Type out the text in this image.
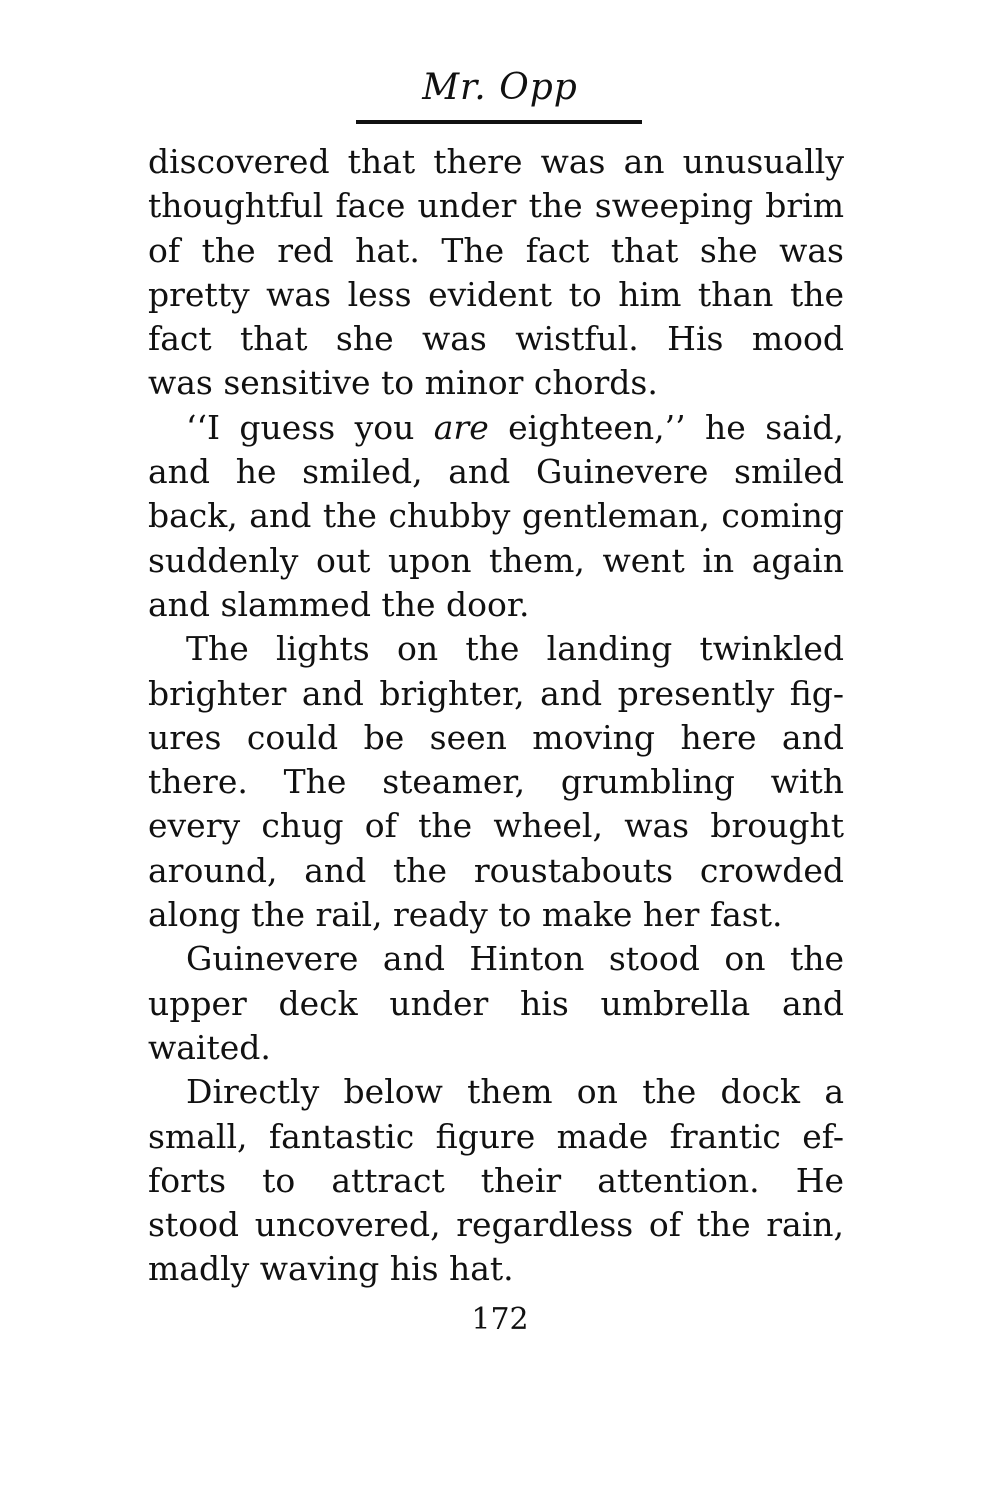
Mr. Opp
discovered that there was an unusually
thoughtful face under the sweeping brim
of the red hat. The fact that she was
pretty was less evident to him than the
fact that she was wistful. His mood
was sensitive to minor chords.
‘‘I guess you are eighteen,’’ he said,
and he smiled, and Guinevere smiled
back, and the chubby gentleman, coming
suddenly out upon them, went in again
and slammed the door.
The lights on the landing twinkled
brighter and brighter, and presently fig-
ures could be seen moving here and
there. The steamer, grumbling with
every chug of the wheel, was brought
around, and the roustabouts crowded
along the rail, ready to make her fast.
Guinevere and Hinton stood on the
upper deck under his umbrella and
waited.
Directly below them on the dock a
small, fantastic figure made frantic ef-
forts to attract their attention. He
stood uncovered, regardless of the rain,
madly waving his hat.
172
